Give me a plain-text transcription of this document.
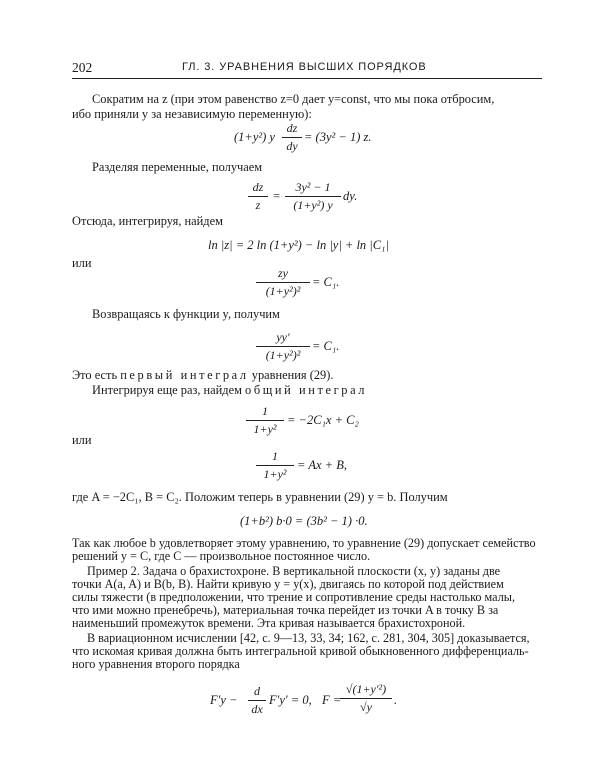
202	ГЛ. 3. УРАВНЕНИЯ ВЫСШИХ ПОРЯДКОВ
Сократим на z (при этом равенство z=0 дает y=const, что мы пока отбросим,
ибо приняли y за независимую переменную):
(1+y²) y
dz
dy
= (3y² − 1) z.
Разделяя переменные, получаем
dz
z
=
3y² − 1
(1+y²) y
dy.
Отсюда, интегрируя, найдем
ln |z| = 2 ln (1+y²) − ln |y| + ln |C₁|
или
zy
(1+y²)²
= C₁.
Возвращаясь к функции y, получим
yy′
(1+y²)²
= C₁.
Это есть первый интеграл уравнения (29).
Интегрируя еще раз, найдем общий интеграл
1
1+y²
= −2C₁x + C₂
или
1
1+y²
= Ax + B,
где A = −2C₁, B = C₂. Положим теперь в уравнении (29) y = b. Получим
(1+b²) b·0 = (3b² − 1) ·0.
Так как любое b удовлетворяет этому уравнению, то уравнение (29) допускает семейство
решений y = C, где C — произвольное постоянное число.
Пример 2. Задача о брахистохроне. В вертикальной плоскости (x, y) заданы две
точки A(a, A) и B(b, B). Найти кривую y = y(x), двигаясь по которой под действием
силы тяжести (в предположении, что трение и сопротивление среды настолько малы,
что ими можно пренебречь), материальная точка перейдет из точки A в точку B за
наименьший промежуток времени. Эта кривая называется брахистохроной.
В вариационном исчислении [42, с. 9—13, 33, 34; 162, с. 281, 304, 305] доказывается,
что искомая кривая должна быть интегральной кривой обыкновенного дифференциаль-
ного уравнения второго порядка
F′y −
d
dx
F′y′ = 0, F =
√(1+y′²)
√y	.
